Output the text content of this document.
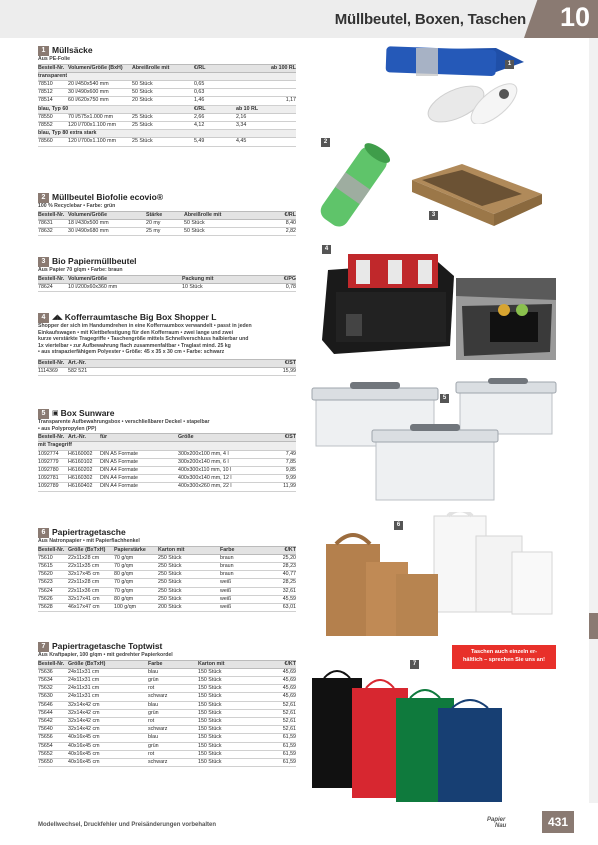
Müllbeutel, Boxen, Taschen 10
1 Müllsäcke
Aus PE-Folie
Bestell-Nr. Volumen/Größe (BxH)	Abreißrolle mit	€/RL	ab 100 RL
transparent
78510	20 l/450x540 mm	50 Stück	0,65
78512	30 l/490x600 mm	50 Stück	0,63
78514	60 l/620x750 mm	20 Stück	1,46	1,17
blau, Typ 60	€/RL	ab 10 RL
78550	70 l/575x1.000 mm	25 Stück	2,66	2,16
78552	120 l/700x1.100 mm	25 Stück	4,12	3,34
blau, Typ 80 extra stark
78560	120 l/700x1.100 mm	25 Stück	5,49	4,45
2 Müllbeutel Biofolie ecovio®
100 % Recyclebar • Farbe: grün
Bestell-Nr. Volumen/Größe	Stärke	Abreißrolle mit	€/RL
78631	18 l/430x500 mm	20 my	50 Stück	8,40
78632	30 l/490x680 mm	25 my	50 Stück	2,82
3 Bio Papiermüllbeutel
Aus Papier 70 g/qm • Farbe: braun
Bestell-Nr. Volumen/Größe	Packung mit	€/PG
78624	10 l/200x60x360 mm	10 Stück	0,78
4 ◢◣ Kofferraumtasche Big Box Shopper L
Shopper der sich im Handumdrehen in eine Kofferraumbox verwandelt • passt in jeden
Einkaufswagen • mit Klettbefestigung für den Kofferraum • zwei lange und zwei
kurze verstärkte Tragegriffe • Taschengröße mittels Schnellverschluss halbierbar und
1x viertelbar • zur Aufbewahrung flach zusammenfaltbar • Traglast mind. 25 kg
• aus strapazierfähigem Polyester • Größe: 45 x 35 x 30 cm • Farbe: schwarz
Bestell-Nr. Art.-Nr.	€/ST
1114369	582 521	15,99
5 ▣ Box Sunware
Transparente Aufbewahrungsbox • verschließbarer Deckel • stapelbar
• aus Polypropylen (PP)
Bestell-Nr. Art.-Nr.	für	Größe	€/ST
mit Tragegriff
1092774	H6160002	DIN A5 Formate	300x200x100 mm, 4 l	7,49
1092779	H6160102	DIN A5 Formate	300x200x140 mm, 6 l	7,85
1092780	H6160202	DIN A4 Formate	400x300x110 mm, 10 l	9,85
1092781	H6160302	DIN A4 Formate	400x300x140 mm, 12 l	9,99
1092789	H6160402	DIN A4 Formate	400x300x260 mm, 22 l	11,99
6 Papiertragetasche
Aus Natronpapier • mit Papierflachhenkel
Bestell-Nr. Größe (BxTxH)	Papierstärke	Karton mit	Farbe	€/KT
75610	22x11x28 cm	70 g/qm	250 Stück	braun	25,20
75615	22x11x35 cm	70 g/qm	250 Stück	braun	28,23
75620	32x17x45 cm	80 g/qm	250 Stück	braun	40,77
75623	22x11x28 cm	70 g/qm	250 Stück	weiß	28,25
75624	22x11x36 cm	70 g/qm	250 Stück	weiß	32,61
75626	32x17x41 cm	80 g/qm	250 Stück	weiß	45,59
75628	46x17x47 cm	100 g/qm	200 Stück	weiß	63,01
7 Papiertragetasche Toptwist
Aus Kraftpapier, 100 g/qm • mit gedrehter Papierkordel
Bestell-Nr. Größe (BxTxH)	Farbe	Karton mit	€/KT
75636	24x11x31 cm	blau	150 Stück	45,69
75634	24x11x31 cm	grün	150 Stück	45,69
75632	24x11x31 cm	rot	150 Stück	45,69
75630	24x11x31 cm	schwarz	150 Stück	45,69
75646	32x14x42 cm	blau	150 Stück	52,61
75644	32x14x42 cm	grün	150 Stück	52,61
75642	32x14x42 cm	rot	150 Stück	52,61
75640	32x14x42 cm	schwarz	150 Stück	52,61
75656	40x16x45 cm	blau	150 Stück	61,59
75654	40x16x45 cm	grün	150 Stück	61,59
75652	40x16x45 cm	rot	150 Stück	61,59
75650	40x16x45 cm	schwarz	150 Stück	61,59
1
2
3
4
5
6
7
Taschen auch einzeln er-
hältlich – sprechen Sie uns an!
Modellwechsel, Druckfehler und Preisänderungen vorbehalten
Papier
Nau	431
